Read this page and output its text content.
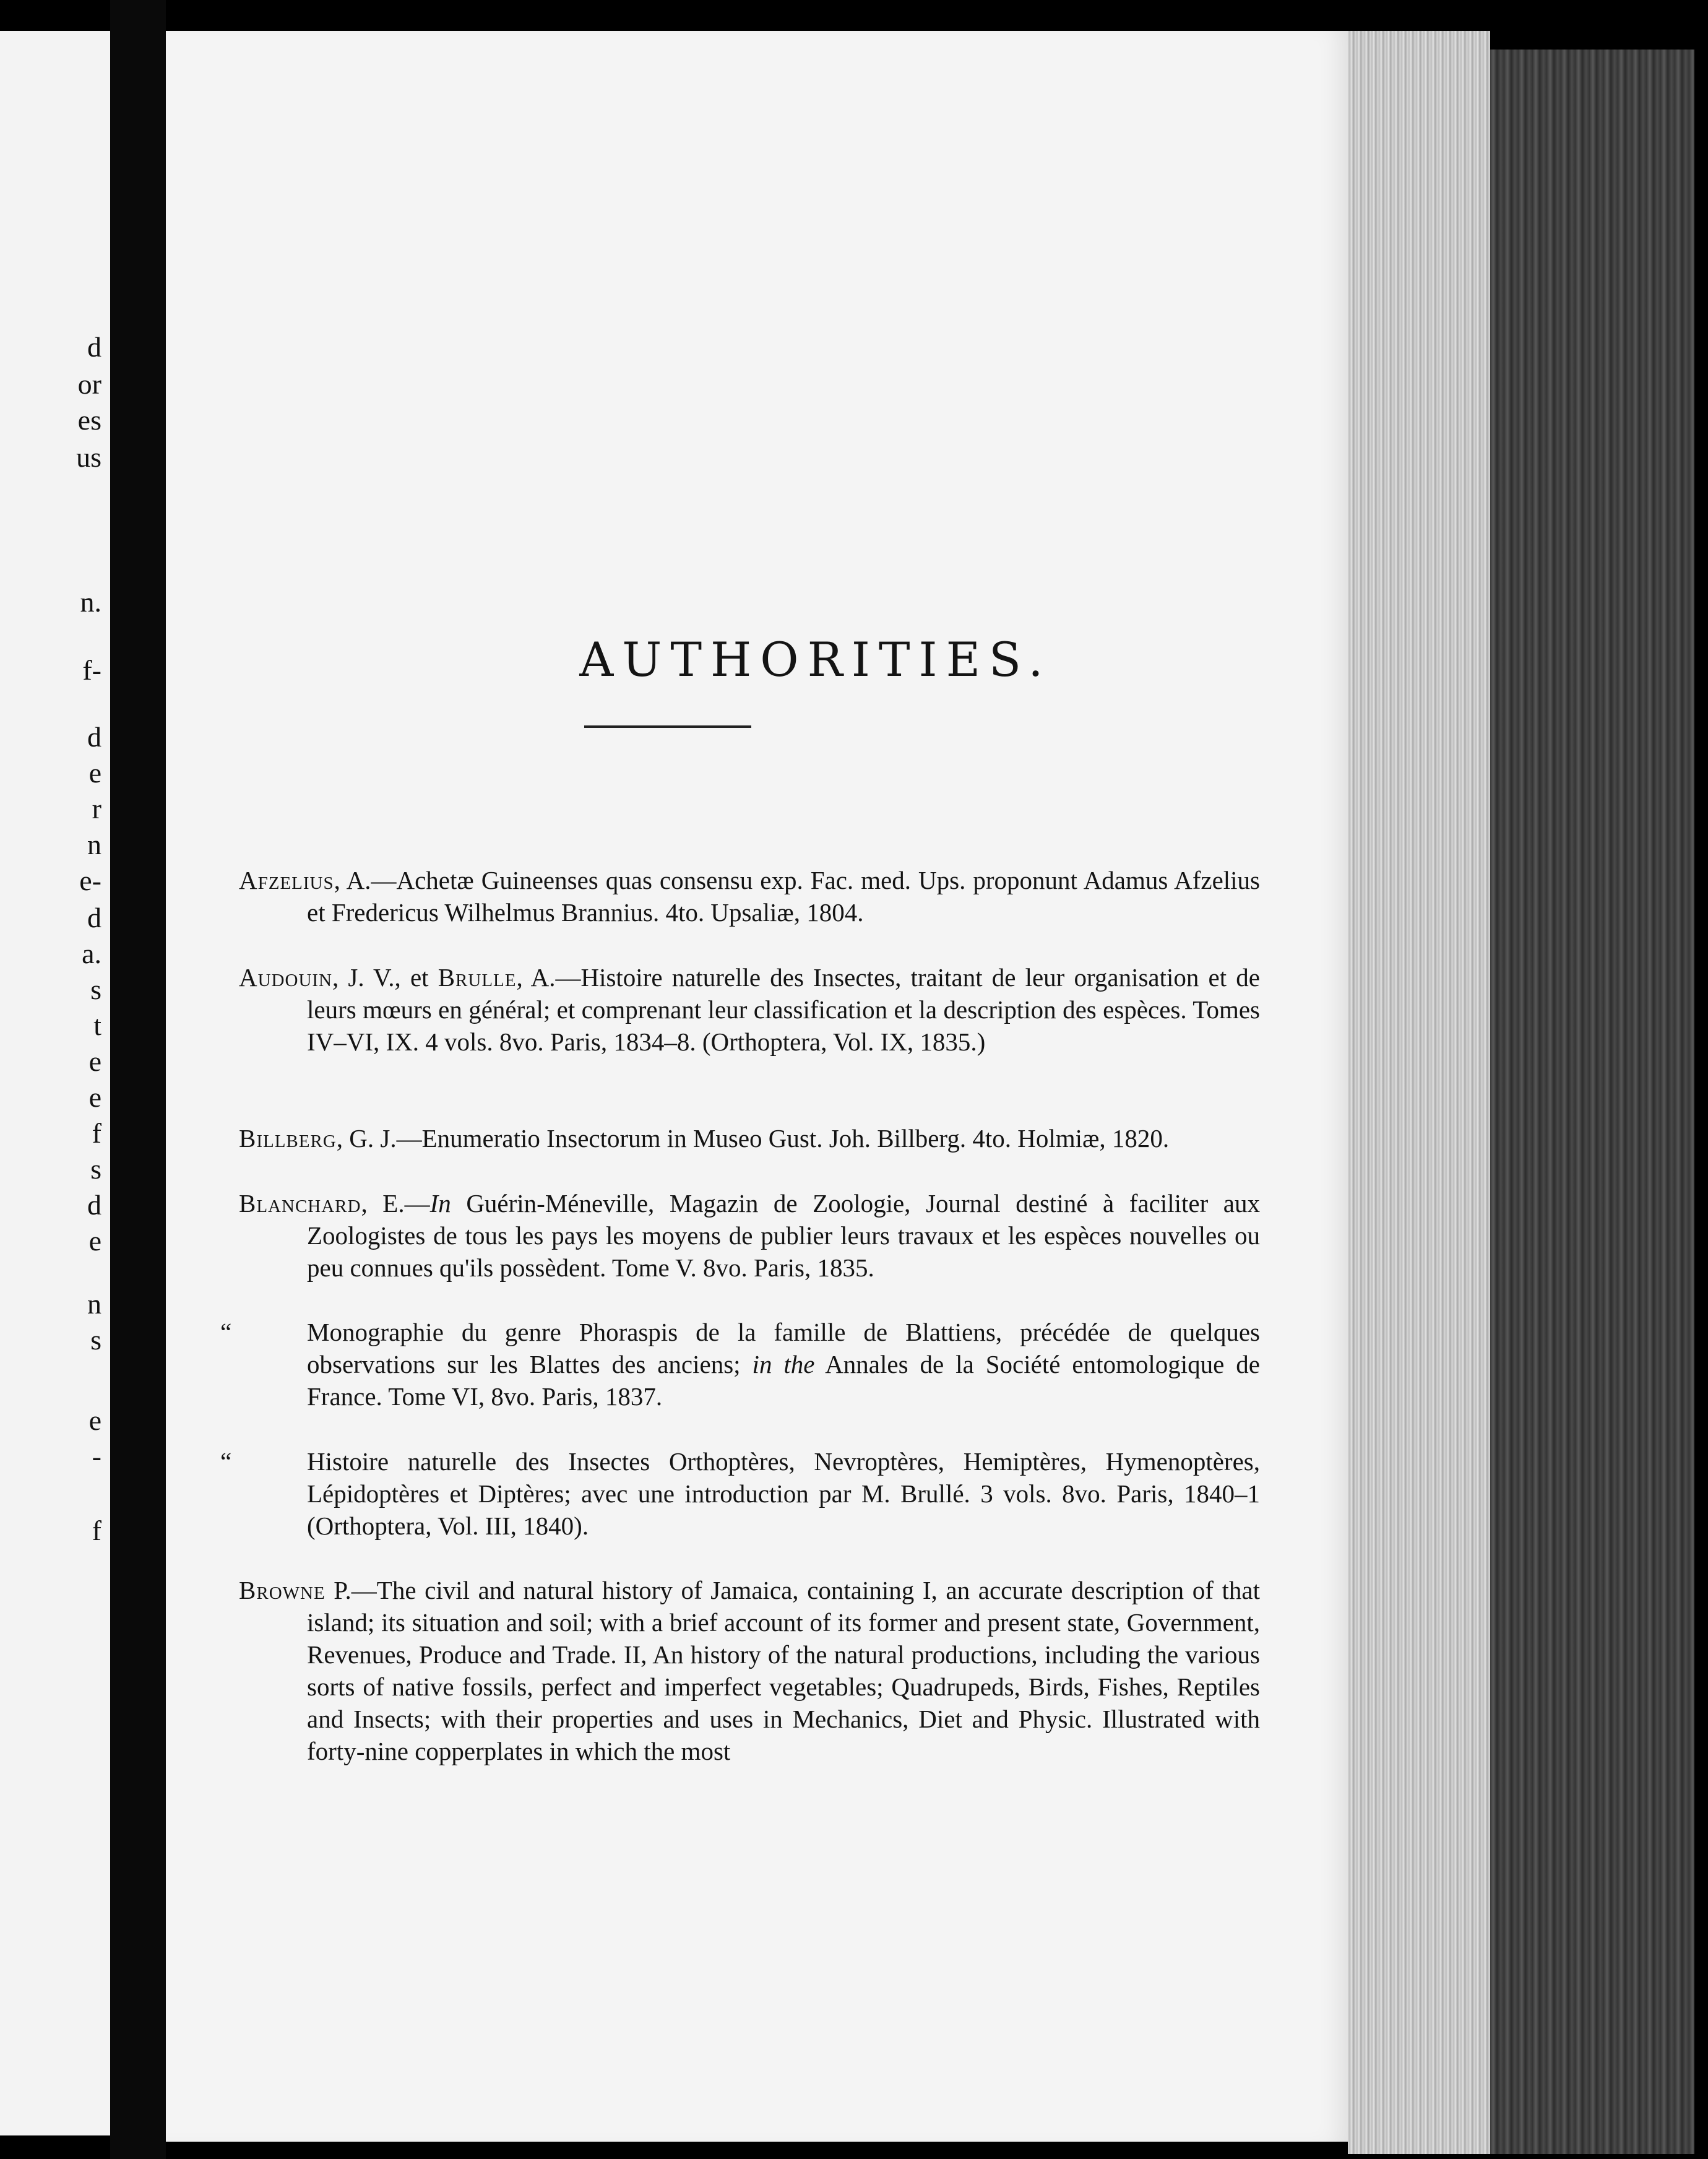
d
or
es
us
n.
f-
d
e
r
n
e-
d
a.
s
t
e
e
f
s
d
e
n
s
e
-
f
AUTHORITIES.

Afzelius, A.—Achetæ Guineenses quas consensu exp. Fac. med. Ups. proponunt Adamus Afzelius et Fredericus Wilhelmus Brannius. 4to. Upsaliæ, 1804.

Audouin, J. V., et Brulle, A.—Histoire naturelle des Insectes, traitant de leur organisation et de leurs mœurs en général; et comprenant leur classification et la description des espèces. Tomes IV–VI, IX. 4 vols. 8vo. Paris, 1834–8. (Orthoptera, Vol. IX, 1835.)

Billberg, G. J.—Enumeratio Insectorum in Museo Gust. Joh. Billberg. 4to. Holmiæ, 1820.

Blanchard, E.—In Guérin-Méneville, Magazin de Zoologie, Journal destiné à faciliter aux Zoologistes de tous les pays les moyens de publier leurs travaux et les espèces nouvelles ou peu connues qu'ils possèdent. Tome V. 8vo. Paris, 1835.

“	Monographie du genre Phoraspis de la famille de Blattiens, précédée de quelques observations sur les Blattes des anciens; in the Annales de la Société entomologique de France. Tome VI, 8vo. Paris, 1837.

“	Histoire naturelle des Insectes Orthoptères, Nevroptères, Hemiptères, Hymenoptères, Lépidoptères et Diptères; avec une introduction par M. Brullé. 3 vols. 8vo. Paris, 1840–1 (Orthoptera, Vol. III, 1840).

Browne P.—The civil and natural history of Jamaica, containing I, an accurate description of that island; its situation and soil; with a brief account of its former and present state, Government, Revenues, Produce and Trade. II, An history of the natural productions, including the various sorts of native fossils, perfect and imperfect vegetables; Quadrupeds, Birds, Fishes, Reptiles and Insects; with their properties and uses in Mechanics, Diet and Physic. Illustrated with forty-nine copperplates in which the most
